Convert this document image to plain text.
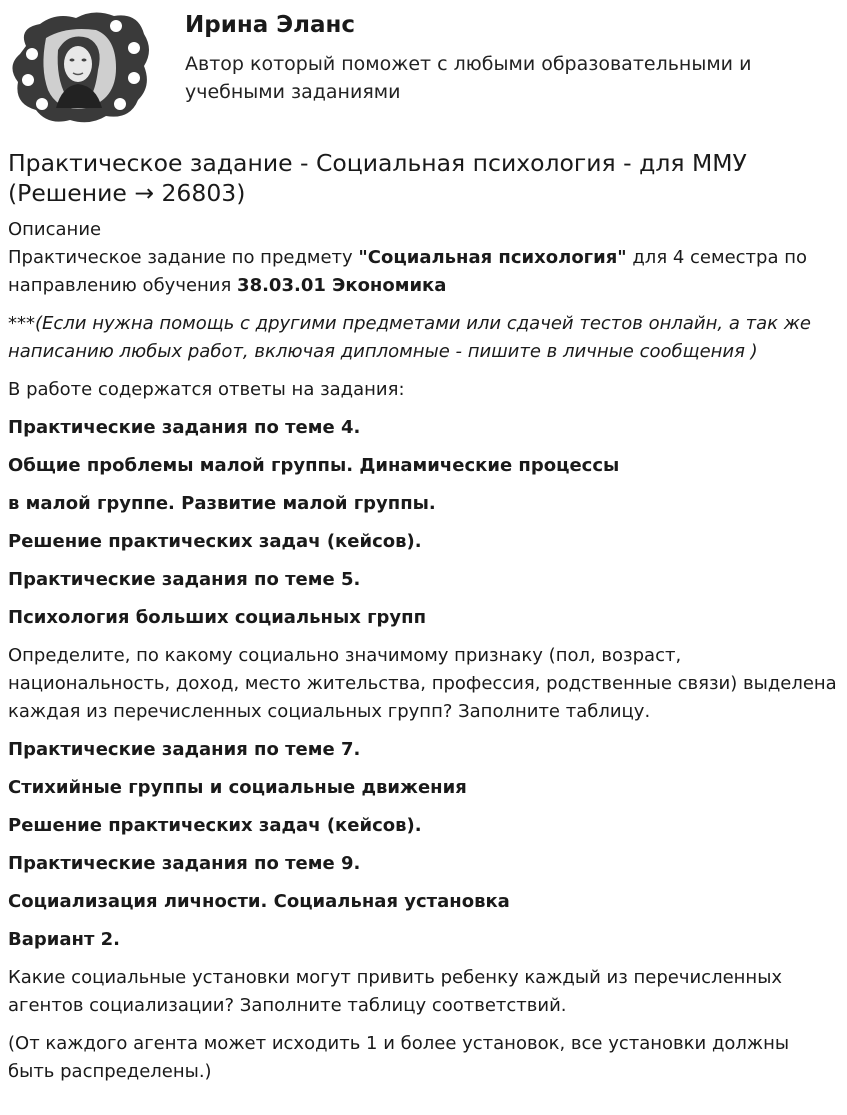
Ирина Эланс
Автор который поможет с любыми образовательными и учебными заданиями
Практическое задание - Социальная психология - для ММУ (Решение → 26803)

Описание

Практическое задание по предмету "Социальная психология" для 4 семестра по направлению обучения 38.03.01 Экономика

***(Если нужна помощь с другими предметами или сдачей тестов онлайн, а так же написанию любых работ, включая дипломные - пишите в личные сообщения )

В работе содержатся ответы на задания:

Практические задания по теме 4.

Общие проблемы малой группы. Динамические процессы

в малой группе. Развитие малой группы.

Решение практических задач (кейсов).

Практические задания по теме 5.

Психология больших социальных групп

Определите, по какому социально значимому признаку (пол, возраст, национальность, доход, место жительства, профессия, родственные связи) выделена каждая из перечисленных социальных групп? Заполните таблицу.

Практические задания по теме 7.

Стихийные группы и социальные движения

Решение практических задач (кейсов).

Практические задания по теме 9.

Социализация личности. Социальная установка

Вариант 2.

Какие социальные установки могут привить ребенку каждый из перечисленных агентов социализации? Заполните таблицу соответствий.

(От каждого агента может исходить 1 и более установок, все установки должны быть распределены.)
